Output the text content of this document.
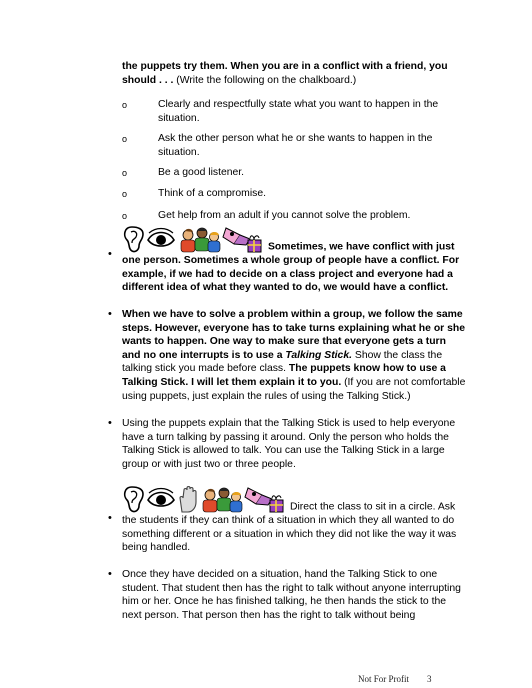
the puppets try them. When you are in a conflict with a friend, you should . . . (Write the following on the chalkboard.)

o	Clearly and respectfully state what you want to happen in the situation.

o	Ask the other person what he or she wants to happen in the situation.

o	Be a good listener.

o	Think of a compromise.

o	Get help from an adult if you cannot solve the problem.

•

Sometimes, we have conflict with just one person. Sometimes a whole group of people have a conflict. For example, if we had to decide on a class project and everyone had a different idea of what they wanted to do, we would have a conflict.

• When we have to solve a problem within a group, we follow the same steps. However, everyone has to take turns explaining what he or she wants to happen. One way to make sure that everyone gets a turn and no one interrupts is to use a Talking Stick. Show the class the talking stick you made before class. The puppets know how to use a Talking Stick. I will let them explain it to you. (If you are not comfortable using puppets, just explain the rules of using the Talking Stick.)

• Using the puppets explain that the Talking Stick is used to help everyone have a turn talking by passing it around. Only the person who holds the Talking Stick is allowed to talk. You can use the Talking Stick in a large group or with just two or three people.

•

Direct the class to sit in a circle. Ask the students if they can think of a situation in which they all wanted to do something different or a situation in which they did not like the way it was being handled.

• Once they have decided on a situation, hand the Talking Stick to one student. That student then has the right to talk without anyone interrupting him or her. Once he has finished talking, he then hands the stick to the next person. That person then has the right to talk without being

Not For Profit 3
